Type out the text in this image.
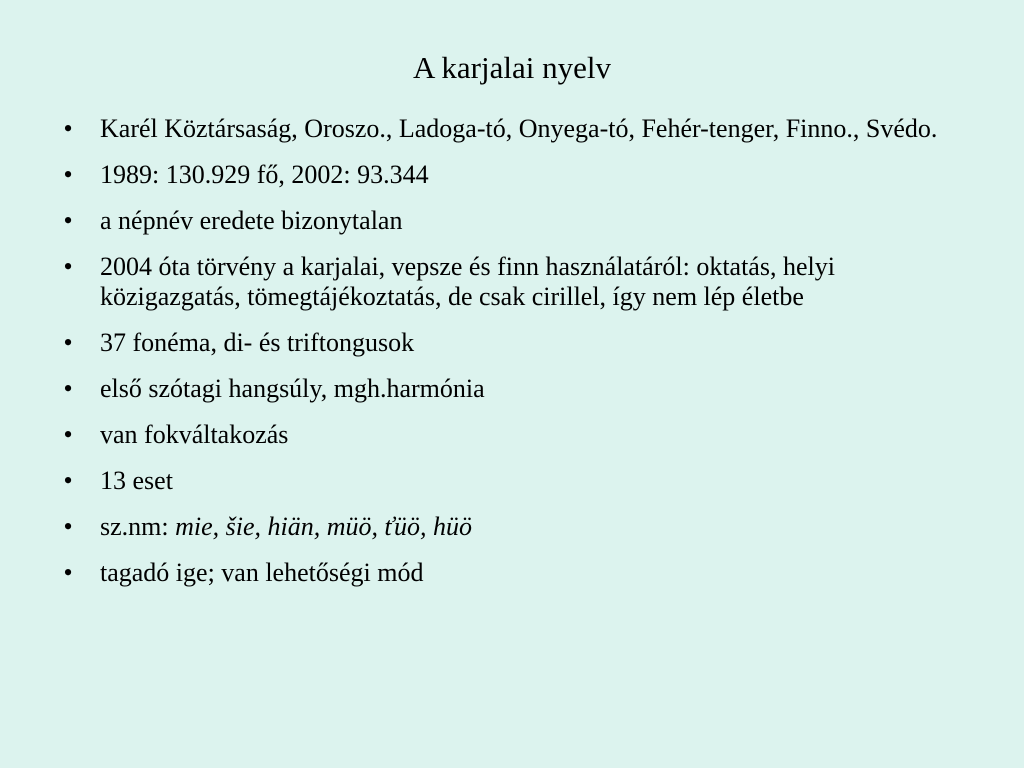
A karjalai nyelv
• Karél Köztársaság, Oroszo., Ladoga-tó, Onyega-tó, Fehér-tenger, Finno., Svédo.
• 1989: 130.929 fő, 2002: 93.344
• a népnév eredete bizonytalan
• 2004 óta törvény a karjalai, vepsze és finn használatáról: oktatás, helyi közigazgatás, tömegtájékoztatás, de csak cirillel, így nem lép életbe
• 37 fonéma, di- és triftongusok
• első szótagi hangsúly, mgh.harmónia
• van fokváltakozás
• 13 eset
• sz.nm: mie, šie, hiän, müö, ťüö, hüö
• tagadó ige; van lehetőségi mód
